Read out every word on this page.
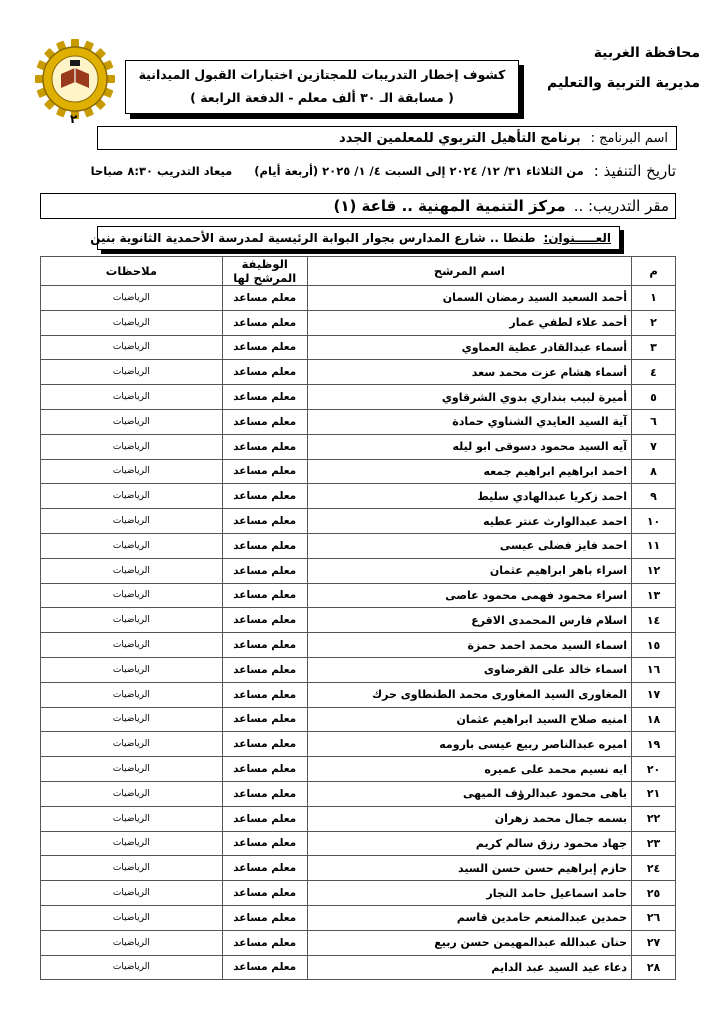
محافظة الغربية
مديرية التربية والتعليم
٢
كشوف إخطار التدريبات للمجتازين اختبارات القبول الميدانية
( مسابقة الـ ٣٠ ألف معلم - الدفعة الرابعة )
اسم البرنامج :
برنامج التأهيل التربوي للمعلمين الجدد
تاريخ التنفيذ :
من الثلاثاء ٣١/ ١٢/ ٢٠٢٤ إلى السبت ٤/ ١/ ٢٠٢٥ (أربعة أيام)
ميعاد التدريب ٨:٣٠ صباحا
مقر التدريب: ..
مركز التنمية المهنية .. قاعة (١)
العـــــنوان:
طنطا .. شارع المدارس بجوار البوابة الرئيسية لمدرسة الأحمدية الثانوية بنين
م	اسم المرشح	الوظيفة المرشح لها	ملاحظات
١	أحمد السعيد السيد رمضان السمان	معلم مساعد	الرياضيات
٢	أحمد علاء لطفي عمار	معلم مساعد	الرياضيات
٣	أسماء عبدالقادر عطية العماوي	معلم مساعد	الرياضيات
٤	أسماء هشام عزت محمد سعد	معلم مساعد	الرياضيات
٥	أميرة لبيب بنداري بدوي الشرقاوي	معلم مساعد	الرياضيات
٦	آية السيد العايدي الشناوي حمادة	معلم مساعد	الرياضيات
٧	آيه السيد محمود دسوقى ابو ليله	معلم مساعد	الرياضيات
٨	احمد ابراهيم ابراهيم جمعه	معلم مساعد	الرياضيات
٩	احمد زكريا عبدالهادي سليط	معلم مساعد	الرياضيات
١٠	احمد عبدالوارث عنتر عطيه	معلم مساعد	الرياضيات
١١	احمد فايز فضلى عيسى	معلم مساعد	الرياضيات
١٢	اسراء باهر ابراهيم عثمان	معلم مساعد	الرياضيات
١٣	اسراء محمود فهمى محمود عاصى	معلم مساعد	الرياضيات
١٤	اسلام فارس المحمدى الاقرع	معلم مساعد	الرياضيات
١٥	اسماء السيد محمد احمد حمزة	معلم مساعد	الرياضيات
١٦	اسماء خالد على القرضاوى	معلم مساعد	الرياضيات
١٧	المغاورى السيد المغاورى محمد الطنطاوى حرك	معلم مساعد	الرياضيات
١٨	امنيه صلاح السيد ابراهيم عثمان	معلم مساعد	الرياضيات
١٩	اميره عبدالناصر ربيع عيسى بارومه	معلم مساعد	الرياضيات
٢٠	ايه نسيم محمد على عميره	معلم مساعد	الرياضيات
٢١	باهى محمود عبدالرؤف الميهى	معلم مساعد	الرياضيات
٢٢	بسمه جمال محمد زهران	معلم مساعد	الرياضيات
٢٣	جهاد محمود رزق سالم كريم	معلم مساعد	الرياضيات
٢٤	حازم إبراهيم حسن حسن السيد	معلم مساعد	الرياضيات
٢٥	حامد اسماعيل حامد النجار	معلم مساعد	الرياضيات
٢٦	حمدين عبدالمنعم حامدين قاسم	معلم مساعد	الرياضيات
٢٧	حنان عبدالله عبدالمهيمن حسن ربيع	معلم مساعد	الرياضيات
٢٨	دعاء عيد السيد عبد الدايم	معلم مساعد	الرياضيات
